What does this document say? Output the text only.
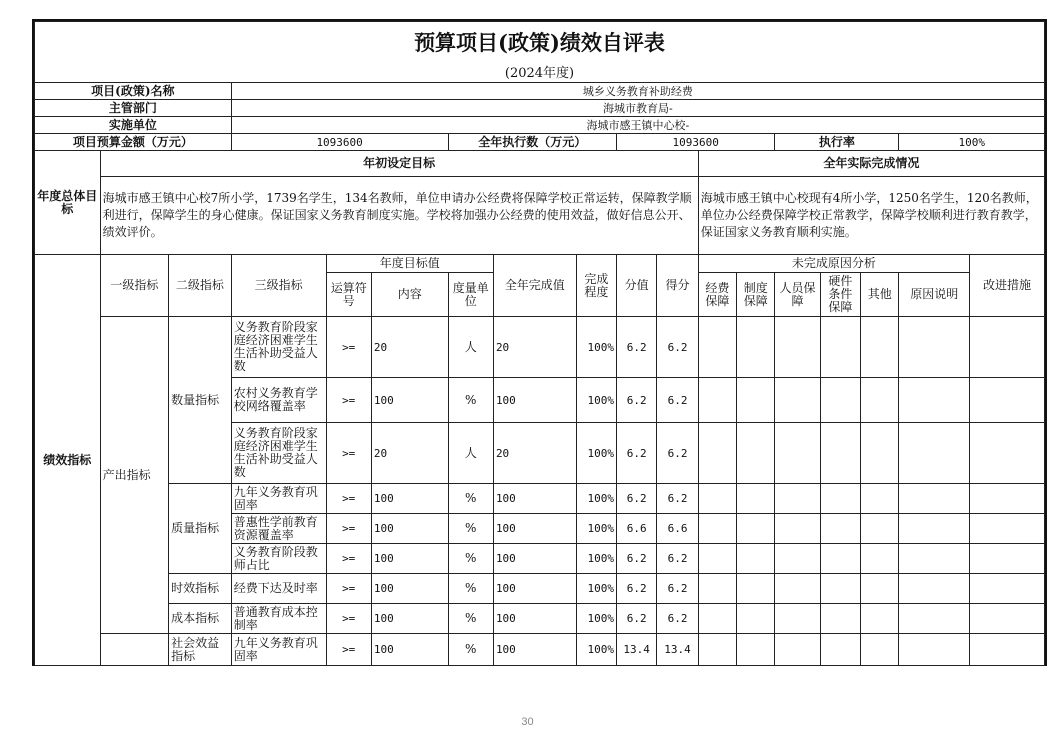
预算项目(政策)绩效自评表																	
(2024年度)																	
项目(政策)名称			城乡义务教育补助经费														
主管部门			海城市教育局-														
实施单位			海城市感王镇中心校-														
项目预算金额（万元）			1093600			全年执行数（万元）			1093600				执行率			100%	
年度总体目标	年初设定目标										全年实际完成情况						
	海城市感王镇中心校7所小学，1739名学生，134名教师，单位申请办公经费将保障学校正常运转，保障教学顺利进行，保障学生的身心健康。保证国家义务教育制度实施。学校将加强办公经费的使用效益，做好信息公开、绩效评价。										海城市感王镇中心校现有4所小学，1250名学生，120名教师，单位办公经费保障学校正常教学，保障学校顺利进行教育教学，保证国家义务教育顺利实施。						
绩效指标	一级指标	二级指标	三级指标	年度目标值			全年完成值	完成程度	分值	得分	未完成原因分析						改进措施
				运算符号	内容	度量单位					经费保障	制度保障	人员保障	硬件条件保障	其他	原因说明	
	产出指标	数量指标	义务教育阶段家庭经济困难学生生活补助受益人数	>=	20	人	20	100%	6.2	6.2							
			农村义务教育学校网络覆盖率	>=	100	%	100	100%	6.2	6.2							
			义务教育阶段家庭经济困难学生生活补助受益人数	>=	20	人	20	100%	6.2	6.2							
		质量指标	九年义务教育巩固率	>=	100	%	100	100%	6.2	6.2							
			普惠性学前教育资源覆盖率	>=	100	%	100	100%	6.6	6.6							
			义务教育阶段教师占比	>=	100	%	100	100%	6.2	6.2							
		时效指标	经费下达及时率	>=	100	%	100	100%	6.2	6.2							
		成本指标	普通教育成本控制率	>=	100	%	100	100%	6.2	6.2							
		社会效益指标	九年义务教育巩固率	>=	100	%	100	100%	13.4	13.4							
30
